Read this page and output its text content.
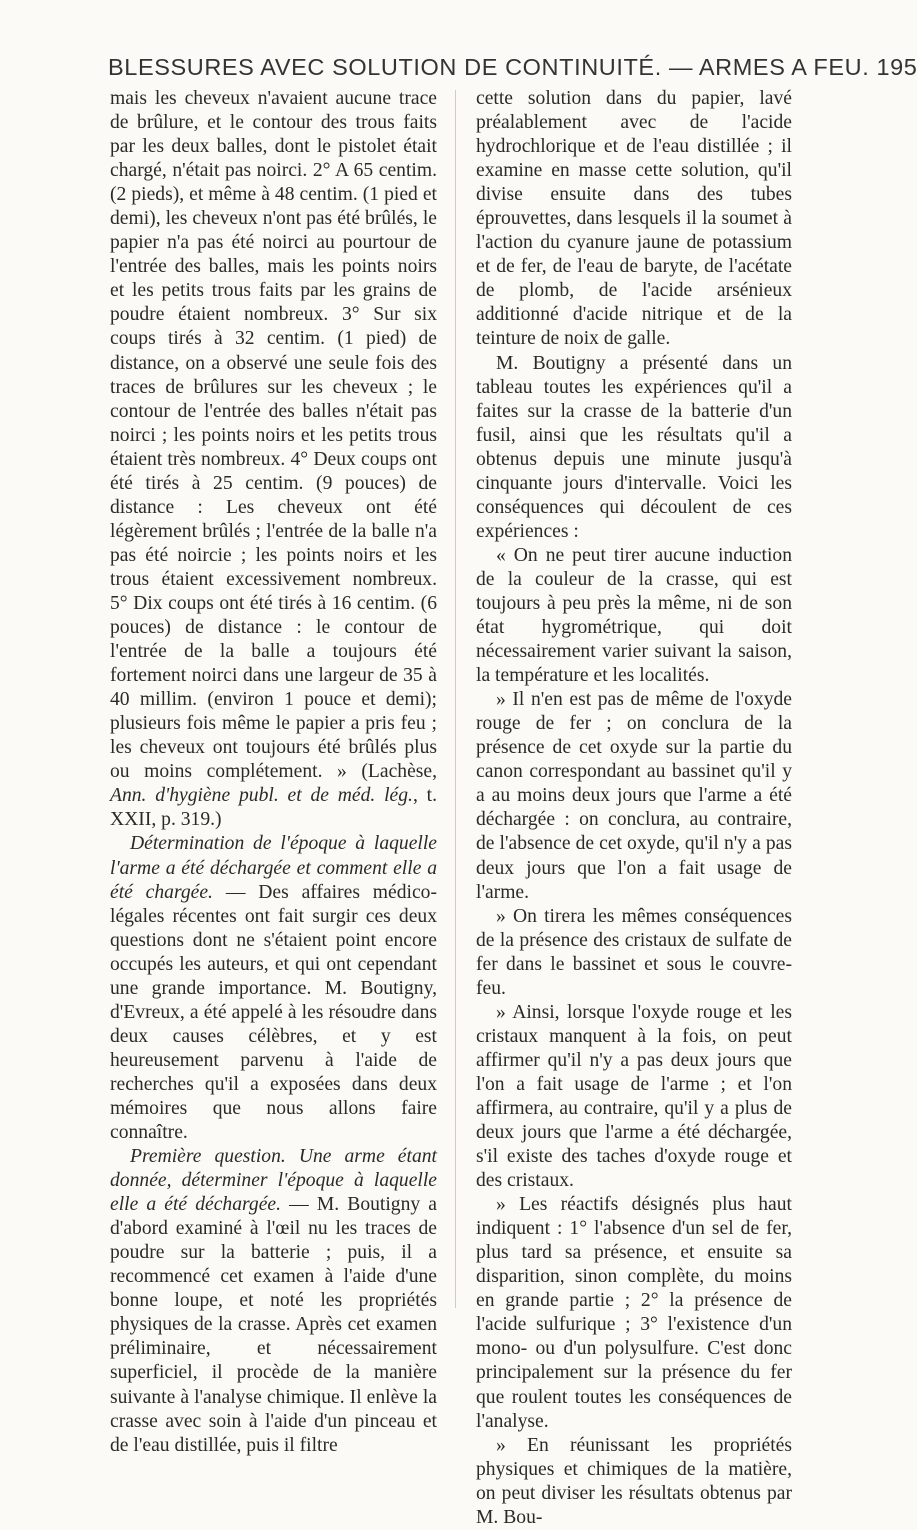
BLESSURES AVEC SOLUTION DE CONTINUITÉ. — ARMES A FEU. 195

mais les cheveux n'avaient aucune trace de brûlure, et le contour des trous faits par les deux balles, dont le pistolet était chargé, n'était pas noirci. 2° A 65 centim. (2 pieds), et même à 48 centim. (1 pied et demi), les cheveux n'ont pas été brûlés, le papier n'a pas été noirci au pourtour de l'entrée des balles, mais les points noirs et les petits trous faits par les grains de poudre étaient nombreux. 3° Sur six coups tirés à 32 centim. (1 pied) de distance, on a observé une seule fois des traces de brûlures sur les cheveux ; le contour de l'entrée des balles n'était pas noirci ; les points noirs et les petits trous étaient très nombreux. 4° Deux coups ont été tirés à 25 centim. (9 pouces) de distance : Les cheveux ont été légèrement brûlés ; l'entrée de la balle n'a pas été noircie ; les points noirs et les trous étaient excessivement nombreux. 5° Dix coups ont été tirés à 16 centim. (6 pouces) de distance : le contour de l'entrée de la balle a toujours été fortement noirci dans une largeur de 35 à 40 millim. (environ 1 pouce et demi); plusieurs fois même le papier a pris feu ; les cheveux ont toujours été brûlés plus ou moins complétement. » (Lachèse, Ann. d'hygiène publ. et de méd. lég., t. XXII, p. 319.)

Détermination de l'époque à laquelle l'arme a été déchargée et comment elle a été chargée. — Des affaires médico-légales récentes ont fait surgir ces deux questions dont ne s'étaient point encore occupés les auteurs, et qui ont cependant une grande importance. M. Boutigny, d'Evreux, a été appelé à les résoudre dans deux causes célèbres, et y est heureusement parvenu à l'aide de recherches qu'il a exposées dans deux mémoires que nous allons faire connaître.

Première question. Une arme étant donnée, déterminer l'époque à laquelle elle a été déchargée. — M. Boutigny a d'abord examiné à l'œil nu les traces de poudre sur la batterie ; puis, il a recommencé cet examen à l'aide d'une bonne loupe, et noté les propriétés physiques de la crasse. Après cet examen préliminaire, et nécessairement superficiel, il procède de la manière suivante à l'analyse chimique. Il enlève la crasse avec soin à l'aide d'un pinceau et de l'eau distillée, puis il filtre

cette solution dans du papier, lavé préalablement avec de l'acide hydrochlorique et de l'eau distillée ; il examine en masse cette solution, qu'il divise ensuite dans des tubes éprouvettes, dans lesquels il la soumet à l'action du cyanure jaune de potassium et de fer, de l'eau de baryte, de l'acétate de plomb, de l'acide arsénieux additionné d'acide nitrique et de la teinture de noix de galle.

M. Boutigny a présenté dans un tableau toutes les expériences qu'il a faites sur la crasse de la batterie d'un fusil, ainsi que les résultats qu'il a obtenus depuis une minute jusqu'à cinquante jours d'intervalle. Voici les conséquences qui découlent de ces expériences :

« On ne peut tirer aucune induction de la couleur de la crasse, qui est toujours à peu près la même, ni de son état hygrométrique, qui doit nécessairement varier suivant la saison, la température et les localités.

» Il n'en est pas de même de l'oxyde rouge de fer ; on conclura de la présence de cet oxyde sur la partie du canon correspondant au bassinet qu'il y a au moins deux jours que l'arme a été déchargée : on conclura, au contraire, de l'absence de cet oxyde, qu'il n'y a pas deux jours que l'on a fait usage de l'arme.

» On tirera les mêmes conséquences de la présence des cristaux de sulfate de fer dans le bassinet et sous le couvre-feu.

» Ainsi, lorsque l'oxyde rouge et les cristaux manquent à la fois, on peut affirmer qu'il n'y a pas deux jours que l'on a fait usage de l'arme ; et l'on affirmera, au contraire, qu'il y a plus de deux jours que l'arme a été déchargée, s'il existe des taches d'oxyde rouge et des cristaux.

» Les réactifs désignés plus haut indiquent : 1° l'absence d'un sel de fer, plus tard sa présence, et ensuite sa disparition, sinon complète, du moins en grande partie ; 2° la présence de l'acide sulfurique ; 3° l'existence d'un mono- ou d'un polysulfure. C'est donc principalement sur la présence du fer que roulent toutes les conséquences de l'analyse.

» En réunissant les propriétés physiques et chimiques de la matière, on peut diviser les résultats obtenus par M. Bou-
